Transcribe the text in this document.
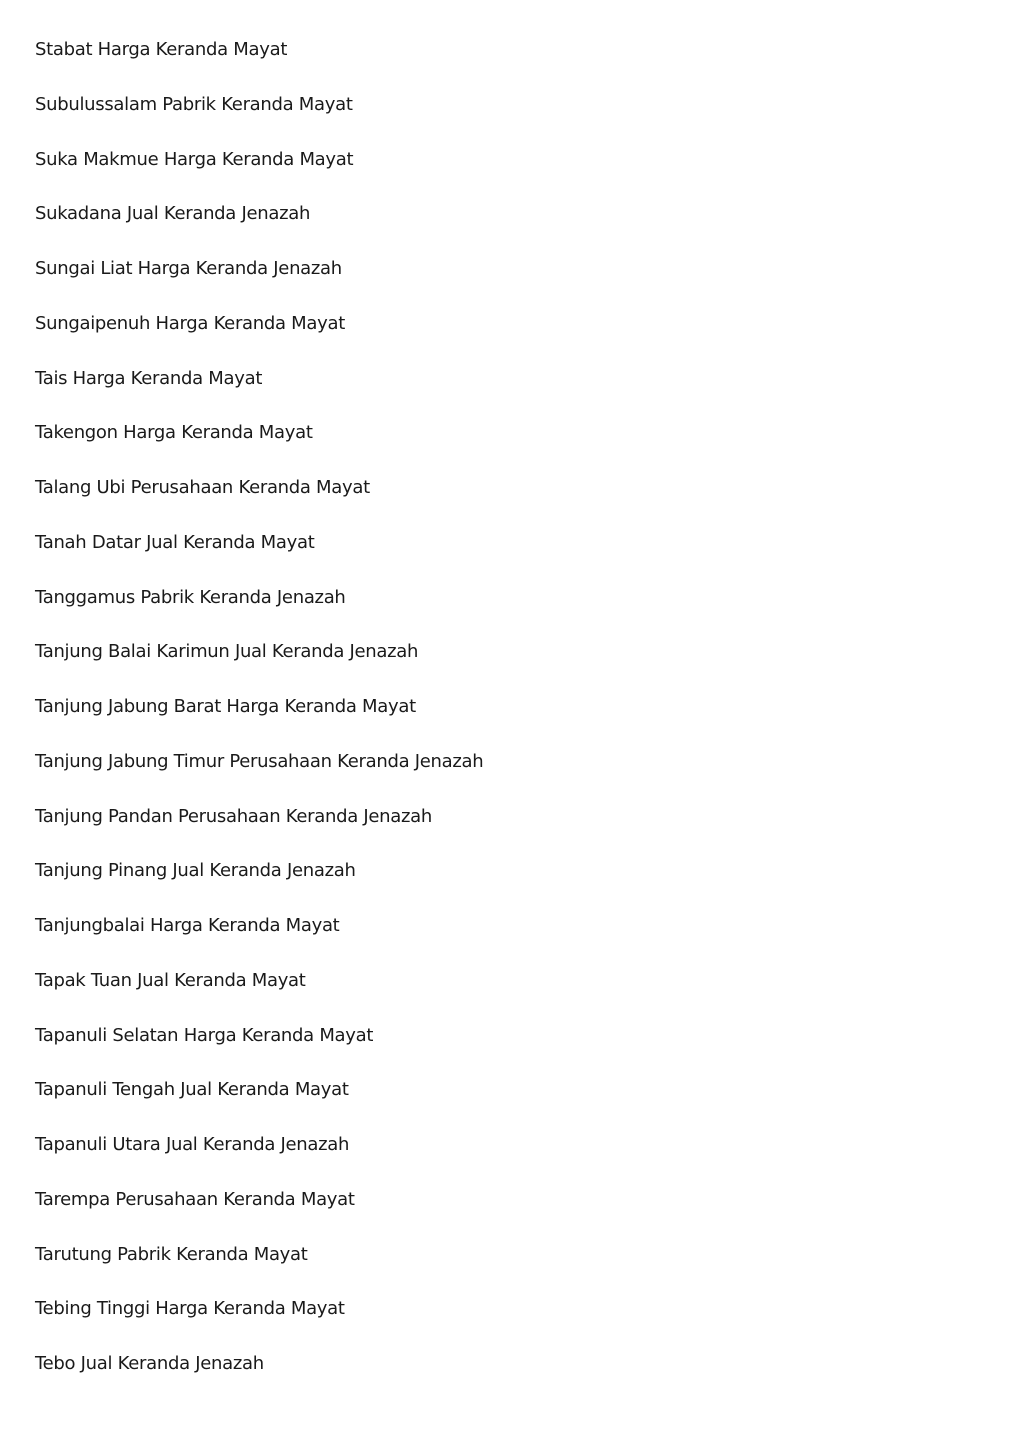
Stabat Harga Keranda Mayat
Subulussalam Pabrik Keranda Mayat
Suka Makmue Harga Keranda Mayat
Sukadana Jual Keranda Jenazah
Sungai Liat Harga Keranda Jenazah
Sungaipenuh Harga Keranda Mayat
Tais Harga Keranda Mayat
Takengon Harga Keranda Mayat
Talang Ubi Perusahaan Keranda Mayat
Tanah Datar Jual Keranda Mayat
Tanggamus Pabrik Keranda Jenazah
Tanjung Balai Karimun Jual Keranda Jenazah
Tanjung Jabung Barat Harga Keranda Mayat
Tanjung Jabung Timur Perusahaan Keranda Jenazah
Tanjung Pandan Perusahaan Keranda Jenazah
Tanjung Pinang Jual Keranda Jenazah
Tanjungbalai Harga Keranda Mayat
Tapak Tuan Jual Keranda Mayat
Tapanuli Selatan Harga Keranda Mayat
Tapanuli Tengah Jual Keranda Mayat
Tapanuli Utara Jual Keranda Jenazah
Tarempa Perusahaan Keranda Mayat
Tarutung Pabrik Keranda Mayat
Tebing Tinggi Harga Keranda Mayat
Tebo Jual Keranda Jenazah
